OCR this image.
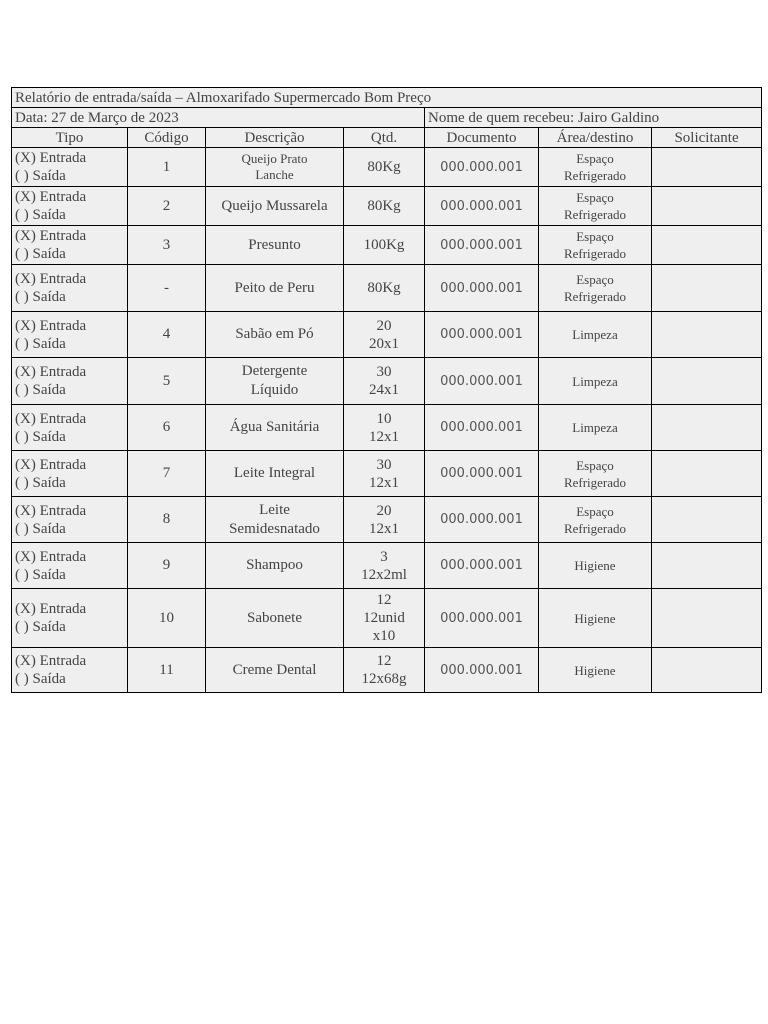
Relatório de entrada/saída – Almoxarifado Supermercado Bom Preço						
Data: 27 de Março de 2023				Nome de quem recebeu: Jairo Galdino		
Tipo	Código	Descrição	Qtd.	Documento	Área/destino	Solicitante

(X) Entrada
( ) Saída	1	Queijo Prato
Lanche	80Kg	000.000.001	Espaço
Refrigerado	

(X) Entrada
( ) Saída	2	Queijo Mussarela	80Kg	000.000.001	Espaço
Refrigerado	

(X) Entrada
( ) Saída	3	Presunto	100Kg	000.000.001	Espaço
Refrigerado	

(X) Entrada
( ) Saída	-	Peito de Peru	80Kg	000.000.001	Espaço
Refrigerado	

(X) Entrada
( ) Saída	4	Sabão em Pó	20
20x1	000.000.001	Limpeza	

(X) Entrada
( ) Saída	5	Detergente
Líquido	30
24x1	000.000.001	Limpeza	

(X) Entrada
( ) Saída	6	Água Sanitária	10
12x1	000.000.001	Limpeza	

(X) Entrada
( ) Saída	7	Leite Integral	30
12x1	000.000.001	Espaço
Refrigerado	

(X) Entrada
( ) Saída	8	Leite
Semidesnatado	20
12x1	000.000.001	Espaço
Refrigerado	

(X) Entrada
( ) Saída	9	Shampoo	3
12x2ml	000.000.001	Higiene	

(X) Entrada
( ) Saída	10	Sabonete	12
12unid
x10	000.000.001	Higiene	

(X) Entrada
( ) Saída	11	Creme Dental	12
12x68g	000.000.001	Higiene	
